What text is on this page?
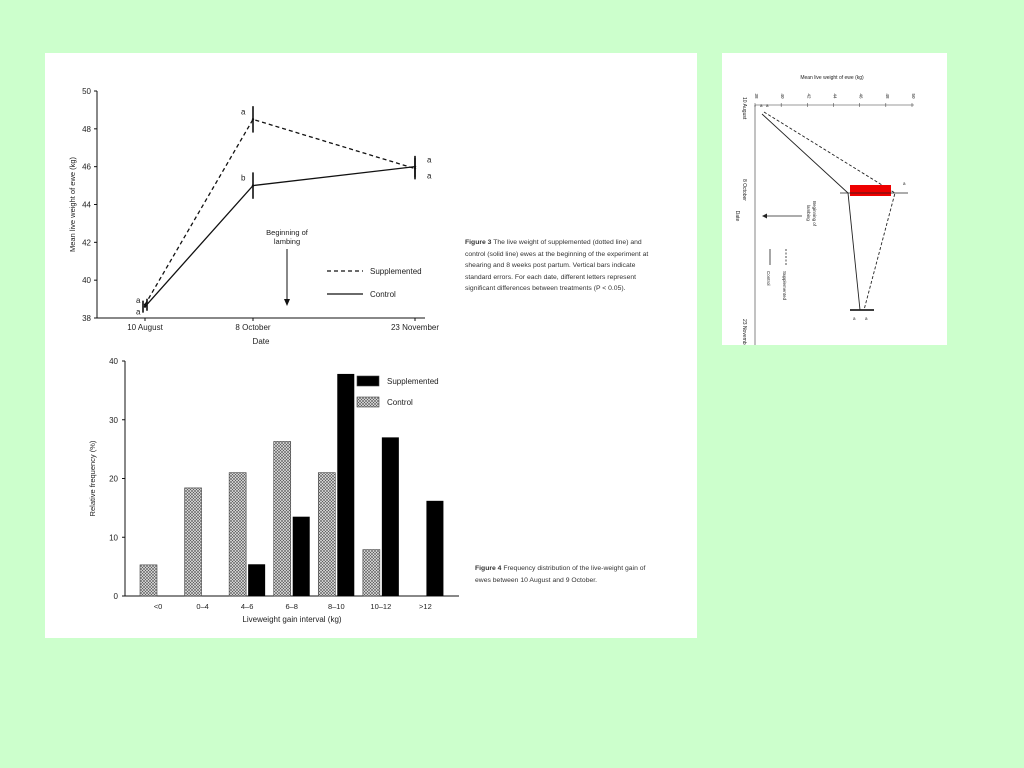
38
40
42
44
46
48
50
10 August	8 October	23 November
Date
Mean live weight of ewe (kg)
a
a
a
a
b	a
Beginning of
lambing
Supplemented
Control
0
10
20
30
40
<0	0–4	4–6	6–8	8–10	10–12	>12
Liveweight gain interval (kg)
Relative frequency (%)
Supplemented
Control

Figure 3 The live weight of supplemented (dotted line) and control (solid line) ewes at the beginning of the experiment at shearing and 8 weeks post partum. Vertical bars indicate standard errors. For each date, different letters represent significant differences between treatments (P < 0.05).

Figure 4 Frequency distribution of the live-weight gain of ewes between 10 August and 9 October.

38	40	42	44	46	48	50
Mean live weight of ewe (kg)
10 August
8 October
23 November
Date
a a
a a
a
Beginning of
lambing
Supplemented
Control
